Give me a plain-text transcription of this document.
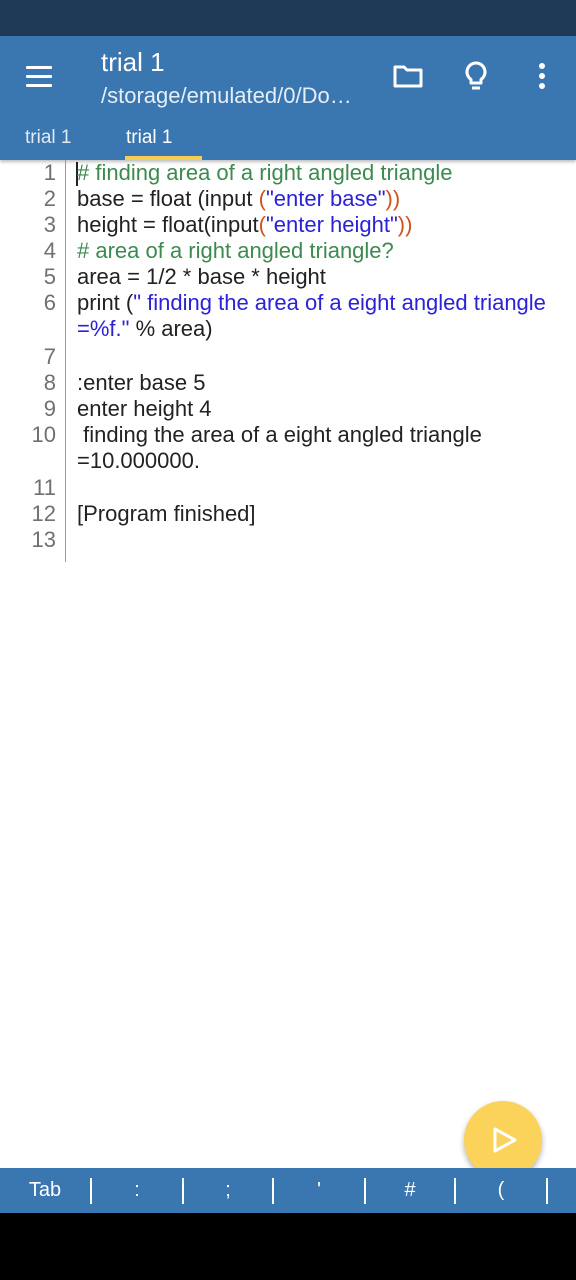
trial 1
/storage/emulated/0/Do…
trial 1	trial 1
1
2
3
4
5
6
7
8
9
10
11
12
13
# finding area of a right angled triangle
base = float (input ("enter base"))
height = float(input("enter height"))
# area of a right angled triangle?
area = 1/2 * base * height
print (" finding the area of a eight angled triangle =%f." % area)
:enter base 5
enter height 4
finding the area of a eight angled triangle =10.000000.
[Program finished]
Tab	:	;	'	#	(
